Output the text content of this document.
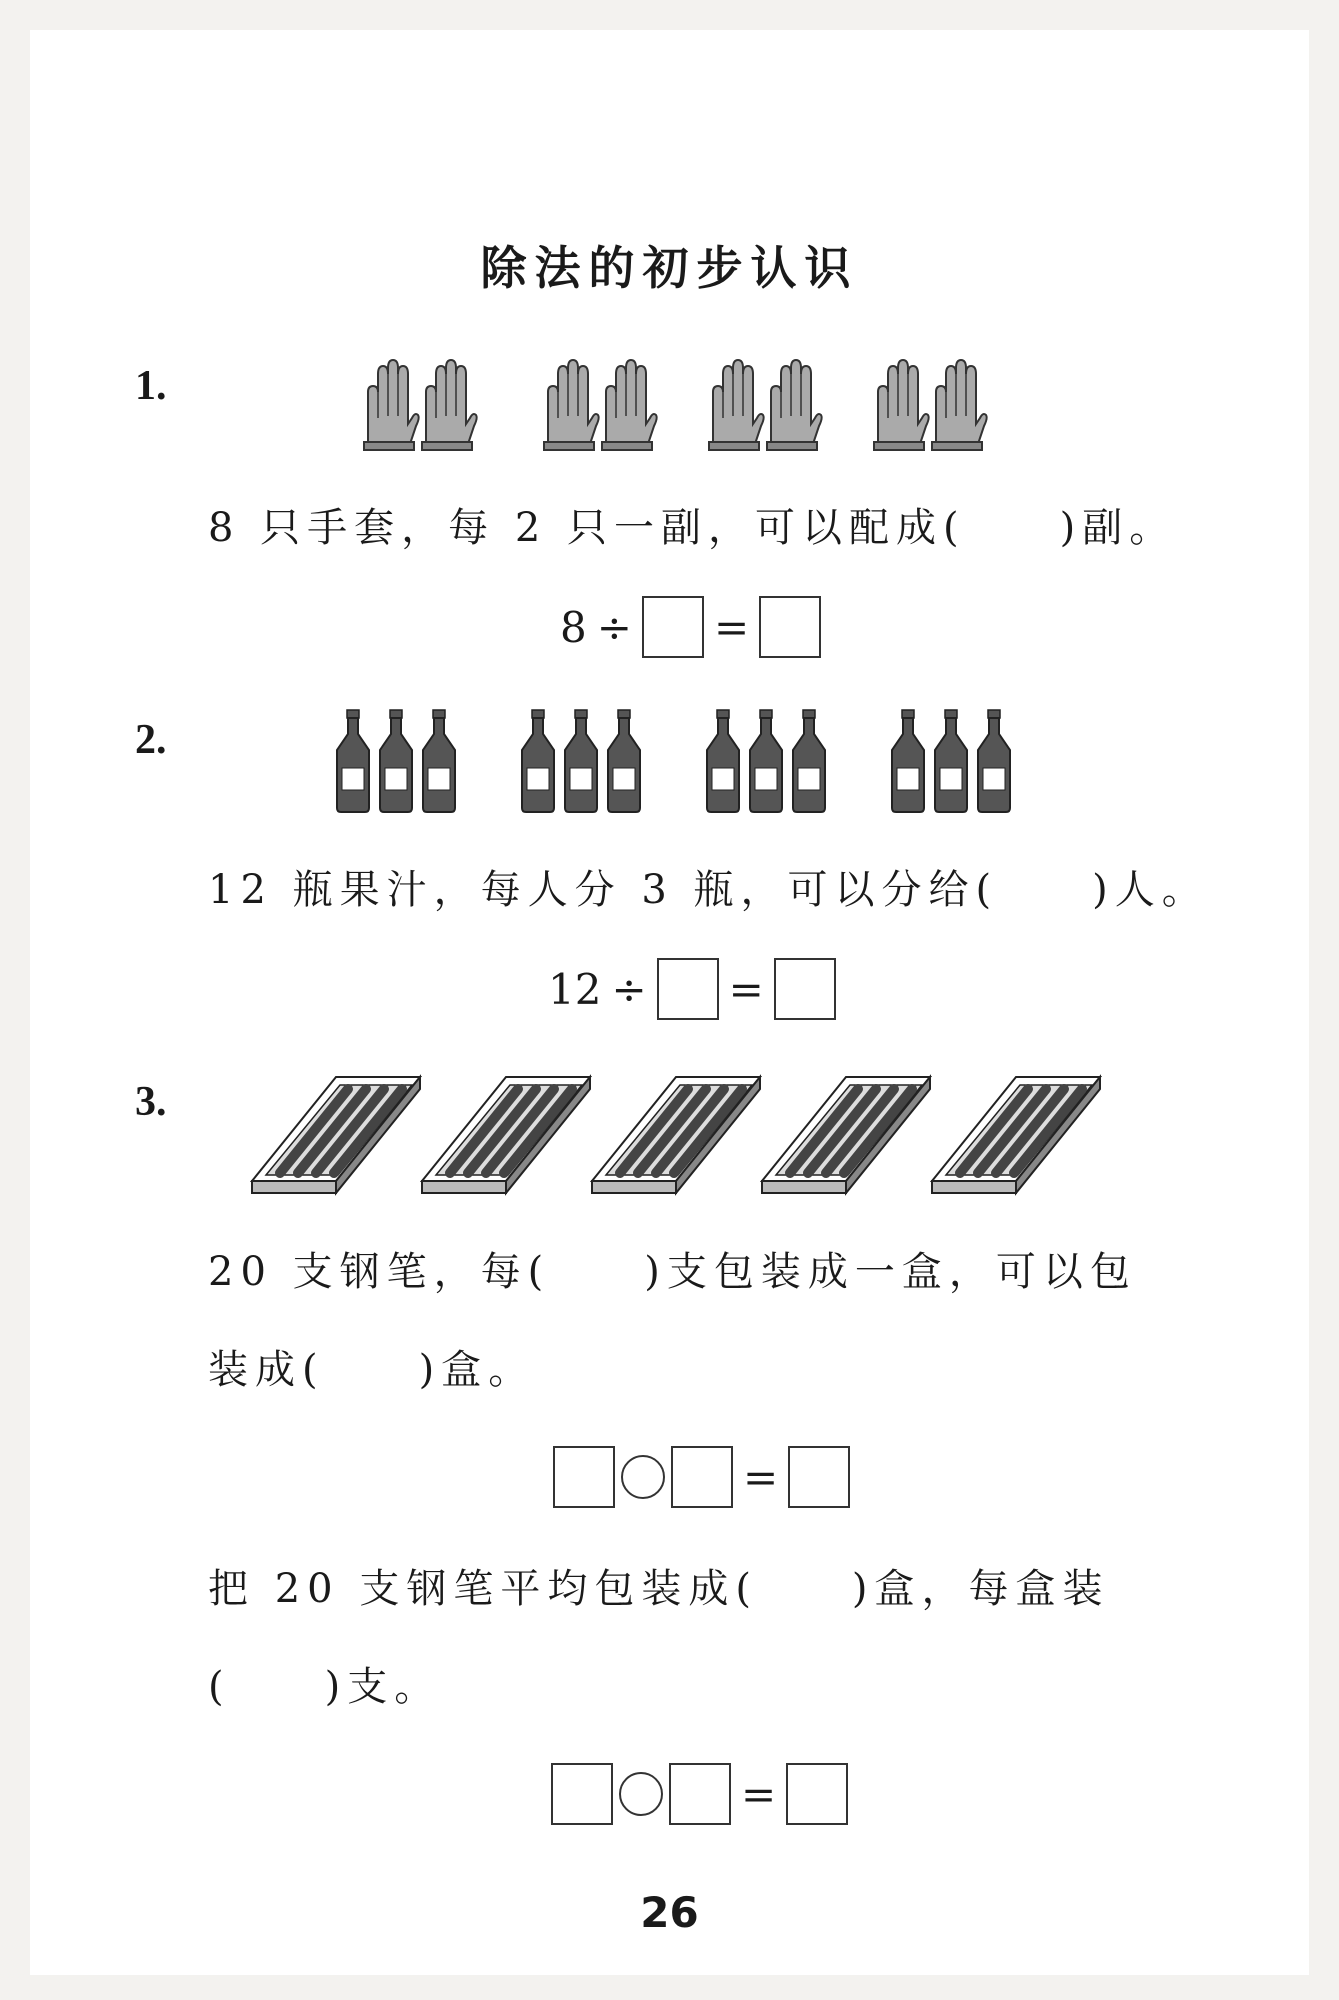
除法的初步认识
1.
8 只手套，每 2 只一副，可以配成(　　)副。
8 ÷ =
2.
12 瓶果汁，每人分 3 瓶，可以分给(　　)人。
12 ÷ =
3.
20 支钢笔，每(　　)支包装成一盒，可以包
装成(　　)盒。
=
把 20 支钢笔平均包装成(　　)盒，每盒装
(　　)支。
=
26
